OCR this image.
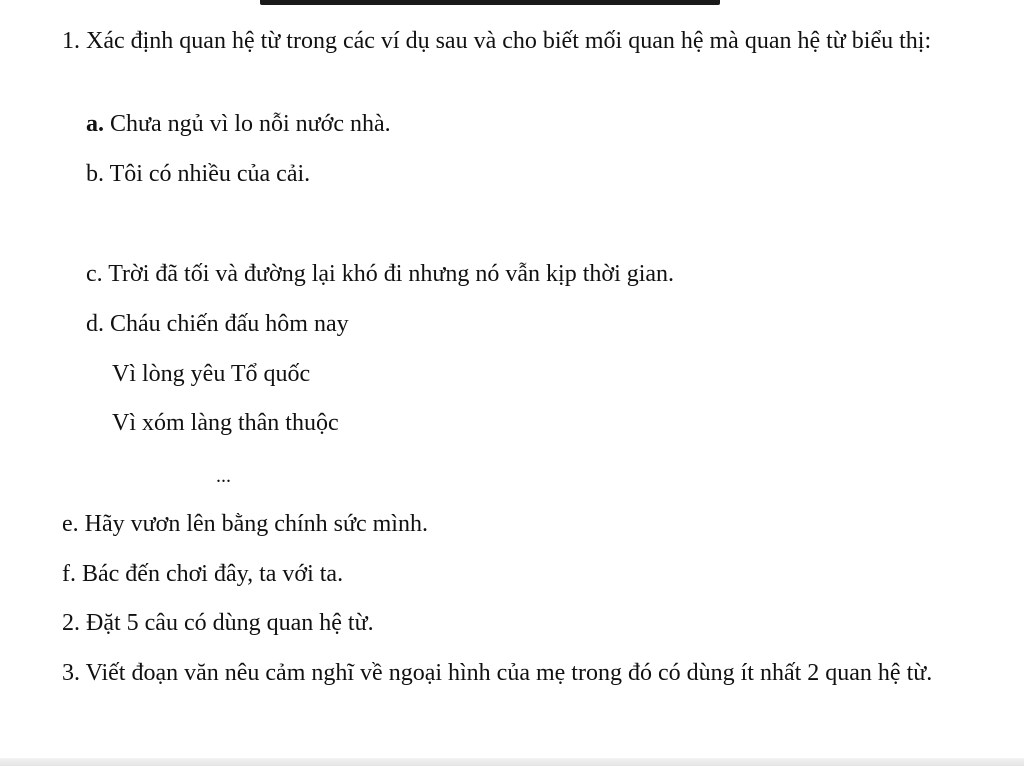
1. Xác định quan hệ từ trong các ví dụ sau và cho biết mối quan hệ mà quan hệ từ biểu thị:
a. Chưa ngủ vì lo nỗi nước nhà.
b. Tôi có nhiều của cải.
c. Trời đã tối và đường lại khó đi nhưng nó vẫn kịp thời gian.
d. Cháu chiến đấu hôm nay
Vì lòng yêu Tổ quốc
Vì xóm làng thân thuộc
...
e. Hãy vươn lên bằng chính sức mình.
f. Bác đến chơi đây, ta với ta.
2. Đặt 5 câu có dùng quan hệ từ.
3. Viết đoạn văn nêu cảm nghĩ về ngoại hình của mẹ trong đó có dùng ít nhất 2 quan hệ từ.
